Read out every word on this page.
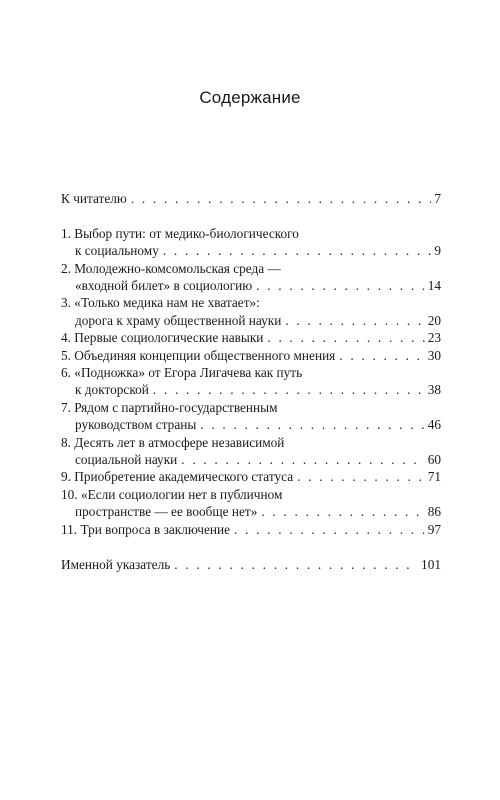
Содержание
К читателю . . .	7
1. Выбор пути: от медико-биологического
к социальному . . .	9
2. Молодежно-комсомольская среда —
«входной билет» в социологию . . .	14
3. «Только медика нам не хватает»:
дорога к храму общественной науки . . .	20
4. Первые социологические навыки . . .	23
5. Объединяя концепции общественного мнения . . .	30
6. «Подножка» от Егора Лигачева как путь
к докторской . . .	38
7. Рядом с партийно-государственным
руководством страны . . .	46
8. Десять лет в атмосфере независимой
социальной науки . . .	60
9. Приобретение академического статуса . . .	71
10. «Если социологии нет в публичном
пространстве — ее вообще нет» . . .	86
11. Три вопроса в заключение . . .	97
Именной указатель . . .	101
